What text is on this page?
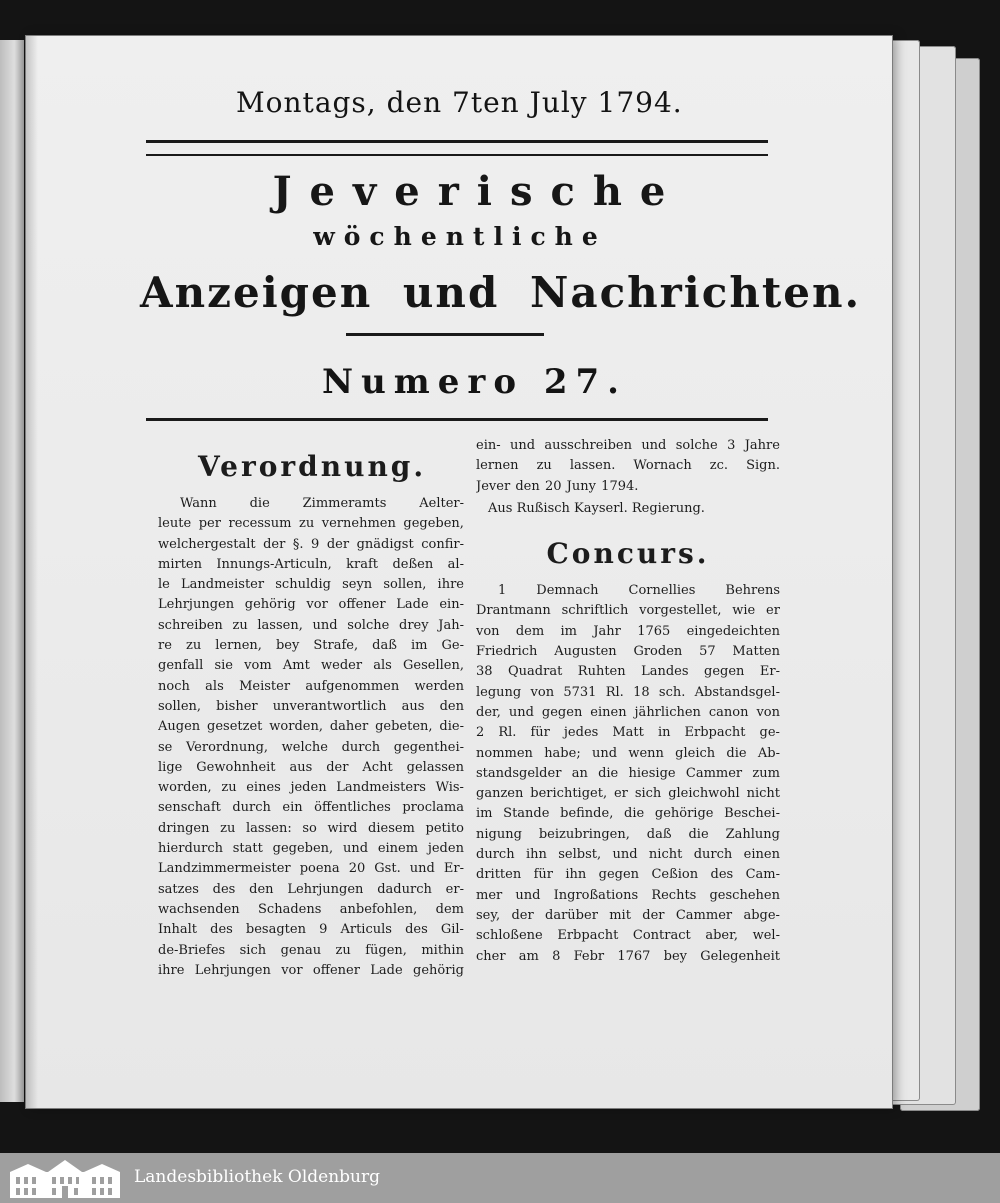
Montags, den 7ten July 1794.
Jeverische
wöchentliche
Anzeigen und Nachrichten.
Numero 27.
Verordnung.
Wann	die	Zimmeramts	Aelter-
leute per recessum zu vernehmen gegeben,
welchergestalt der §. 9 der gnädigst confir-
mirten Innungs-Articuln, kraft deßen al-
le Landmeister schuldig seyn sollen, ihre
Lehrjungen gehörig vor offener Lade ein-
schreiben zu lassen, und solche drey Jah-
re zu lernen, bey Strafe, daß im Ge-
genfall sie vom Amt weder als Gesellen,
noch als Meister aufgenommen werden
sollen, bisher unverantwortlich aus den
Augen gesetzet worden, daher gebeten, die-
se Verordnung, welche durch gegenthei-
lige Gewohnheit aus der Acht gelassen
worden, zu eines jeden Landmeisters Wis-
senschaft durch ein öffentliches proclama
dringen zu lassen: so wird diesem petito
hierdurch statt gegeben, und einem jeden
Landzimmermeister poena 20 Gst. und Er-
satzes des den Lehrjungen dadurch er-
wachsenden Schadens anbefohlen, dem
Inhalt des besagten 9 Articuls des Gil-
de-Briefes sich genau zu fügen, mithin
ihre Lehrjungen vor offener Lade gehörig
ein- und ausschreiben und solche 3 Jahre
lernen zu lassen. Wornach zc. Sign.
Jever den 20 Juny 1794.
Aus Rußisch Kayserl. Regierung.
Concurs.
1 Demnach Cornellies Behrens
Drantmann schriftlich vorgestellet, wie er
von dem im Jahr 1765 eingedeichten
Friedrich Augusten Groden 57 Matten
38 Quadrat Ruhten Landes gegen Er-
legung von 5731 Rl. 18 sch. Abstandsgel-
der, und gegen einen jährlichen canon von
2 Rl. für jedes Matt in Erbpacht ge-
nommen habe; und wenn gleich die Ab-
standsgelder an die hiesige Cammer zum
ganzen berichtiget, er sich gleichwohl nicht
im Stande befinde, die gehörige Beschei-
nigung beizubringen, daß die Zahlung
durch ihn selbst, und nicht durch einen
dritten für ihn gegen Ceßion des Cam-
mer und Ingroßations Rechts geschehen
sey, der darüber mit der Cammer abge-
schloßene Erbpacht Contract aber, wel-
cher am 8 Febr 1767 bey Gelegenheit
Landesbibliothek Oldenburg
